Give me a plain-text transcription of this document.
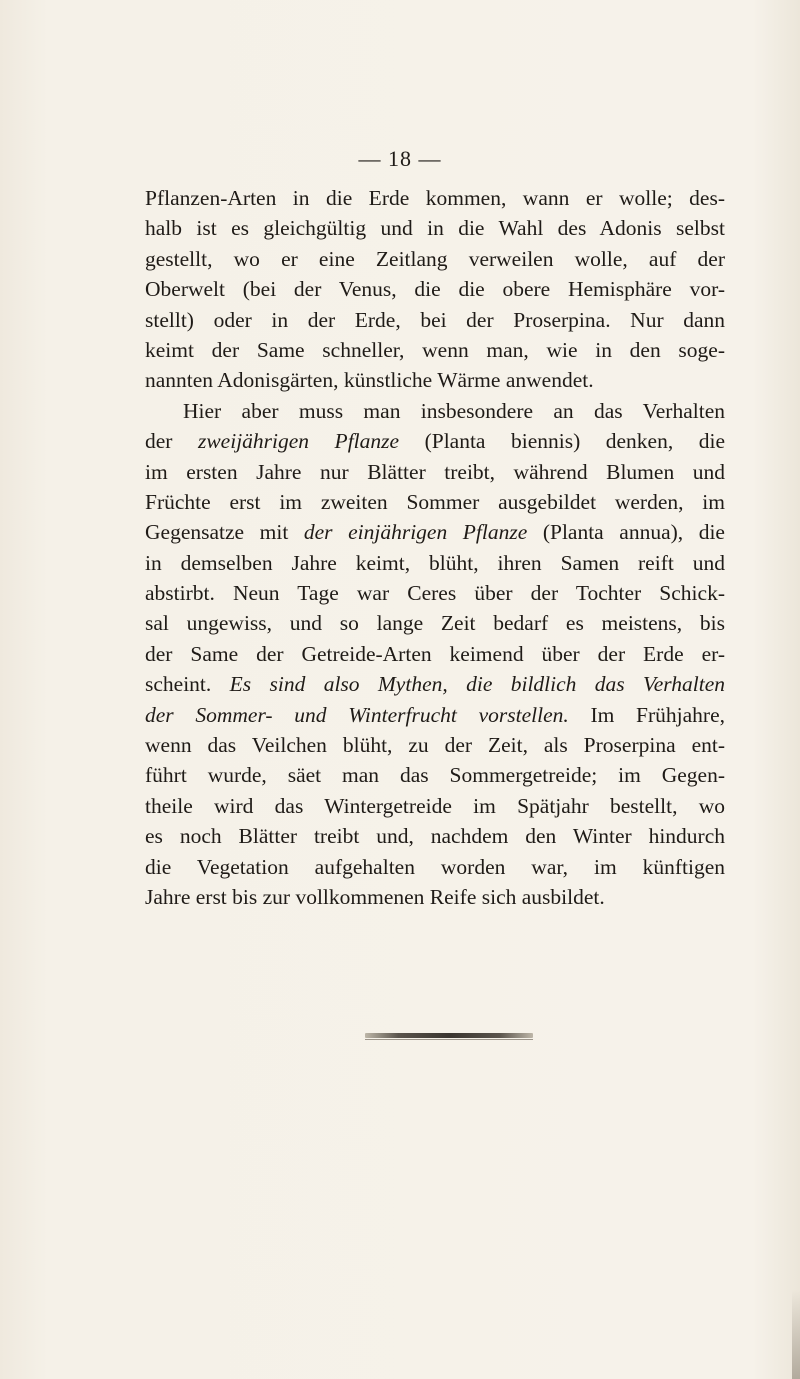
— 18 —
Pflanzen-Arten in die Erde kommen, wann er wolle; des-
halb ist es gleichgültig und in die Wahl des Adonis selbst
gestellt, wo er eine Zeitlang verweilen wolle, auf der
Oberwelt (bei der Venus, die die obere Hemisphäre vor-
stellt) oder in der Erde, bei der Proserpina. Nur dann
keimt der Same schneller, wenn man, wie in den soge-
nannten Adonisgärten, künstliche Wärme anwendet.
Hier aber muss man insbesondere an das Verhalten
der zweijährigen Pflanze (Planta biennis) denken, die
im ersten Jahre nur Blätter treibt, während Blumen und
Früchte erst im zweiten Sommer ausgebildet werden, im
Gegensatze mit der einjährigen Pflanze (Planta annua), die
in demselben Jahre keimt, blüht, ihren Samen reift und
abstirbt. Neun Tage war Ceres über der Tochter Schick-
sal ungewiss, und so lange Zeit bedarf es meistens, bis
der Same der Getreide-Arten keimend über der Erde er-
scheint. Es sind also Mythen, die bildlich das Verhalten
der Sommer- und Winterfrucht vorstellen. Im Frühjahre,
wenn das Veilchen blüht, zu der Zeit, als Proserpina ent-
führt wurde, säet man das Sommergetreide; im Gegen-
theile wird das Wintergetreide im Spätjahr bestellt, wo
es noch Blätter treibt und, nachdem den Winter hindurch
die Vegetation aufgehalten worden war, im künftigen
Jahre erst bis zur vollkommenen Reife sich ausbildet.
